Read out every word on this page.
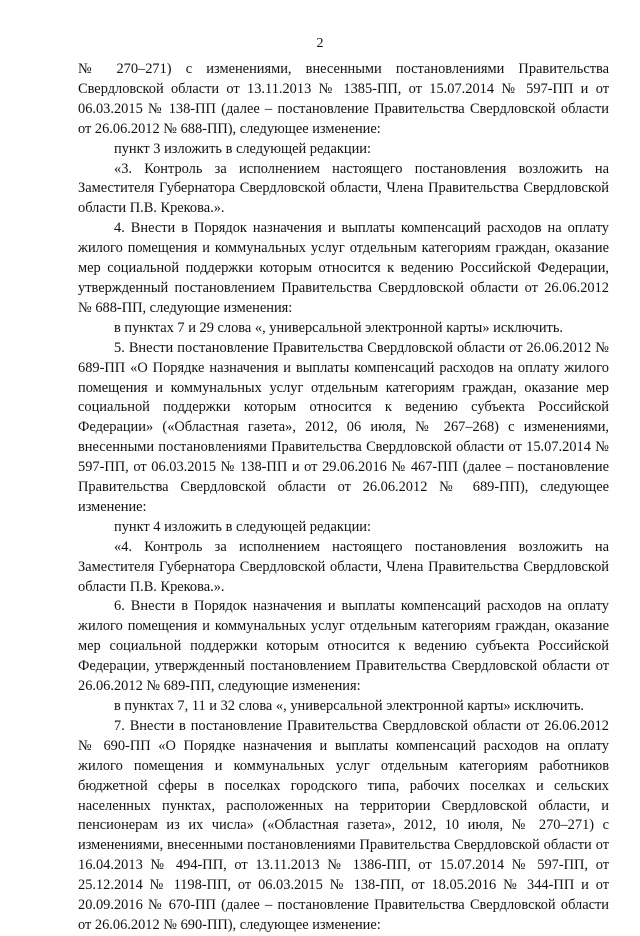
2

№ 270–271) с изменениями, внесенными постановлениями Правительства Свердловской области от 13.11.2013 № 1385-ПП, от 15.07.2014 № 597-ПП и от 06.03.2015 № 138-ПП (далее – постановление Правительства Свердловской области от 26.06.2012 № 688-ПП), следующее изменение:

пункт 3 изложить в следующей редакции:

«3. Контроль за исполнением настоящего постановления возложить на Заместителя Губернатора Свердловской области, Члена Правительства Свердловской области П.В. Крекова.».

4. Внести в Порядок назначения и выплаты компенсаций расходов на оплату жилого помещения и коммунальных услуг отдельным категориям граждан, оказание мер социальной поддержки которым относится к ведению Российской Федерации, утвержденный постановлением Правительства Свердловской области от 26.06.2012 № 688-ПП, следующие изменения:

в пунктах 7 и 29 слова «, универсальной электронной карты» исключить.

5. Внести постановление Правительства Свердловской области от 26.06.2012 № 689-ПП «О Порядке назначения и выплаты компенсаций расходов на оплату жилого помещения и коммунальных услуг отдельным категориям граждан, оказание мер социальной поддержки которым относится к ведению субъекта Российской Федерации» («Областная газета», 2012, 06 июля, № 267–268) с изменениями, внесенными постановлениями Правительства Свердловской области от 15.07.2014 № 597-ПП, от 06.03.2015 № 138-ПП и от 29.06.2016 № 467-ПП (далее – постановление Правительства Свердловской области от 26.06.2012 № 689-ПП), следующее изменение:

пункт 4 изложить в следующей редакции:

«4. Контроль за исполнением настоящего постановления возложить на Заместителя Губернатора Свердловской области, Члена Правительства Свердловской области П.В. Крекова.».

6. Внести в Порядок назначения и выплаты компенсаций расходов на оплату жилого помещения и коммунальных услуг отдельным категориям граждан, оказание мер социальной поддержки которым относится к ведению субъекта Российской Федерации, утвержденный постановлением Правительства Свердловской области от 26.06.2012 № 689-ПП, следующие изменения:

в пунктах 7, 11 и 32 слова «, универсальной электронной карты» исключить.

7. Внести в постановление Правительства Свердловской области от 26.06.2012 № 690-ПП «О Порядке назначения и выплаты компенсаций расходов на оплату жилого помещения и коммунальных услуг отдельным категориям работников бюджетной сферы в поселках городского типа, рабочих поселках и сельских населенных пунктах, расположенных на территории Свердловской области, и пенсионерам из их числа» («Областная газета», 2012, 10 июля, № 270–271) с изменениями, внесенными постановлениями Правительства Свердловской области от 16.04.2013 № 494-ПП, от 13.11.2013 № 1386-ПП, от 15.07.2014 № 597-ПП, от 25.12.2014 № 1198-ПП, от 06.03.2015 № 138-ПП, от 18.05.2016 № 344-ПП и от 20.09.2016 № 670-ПП (далее – постановление Правительства Свердловской области от 26.06.2012 № 690-ПП), следующее изменение:
